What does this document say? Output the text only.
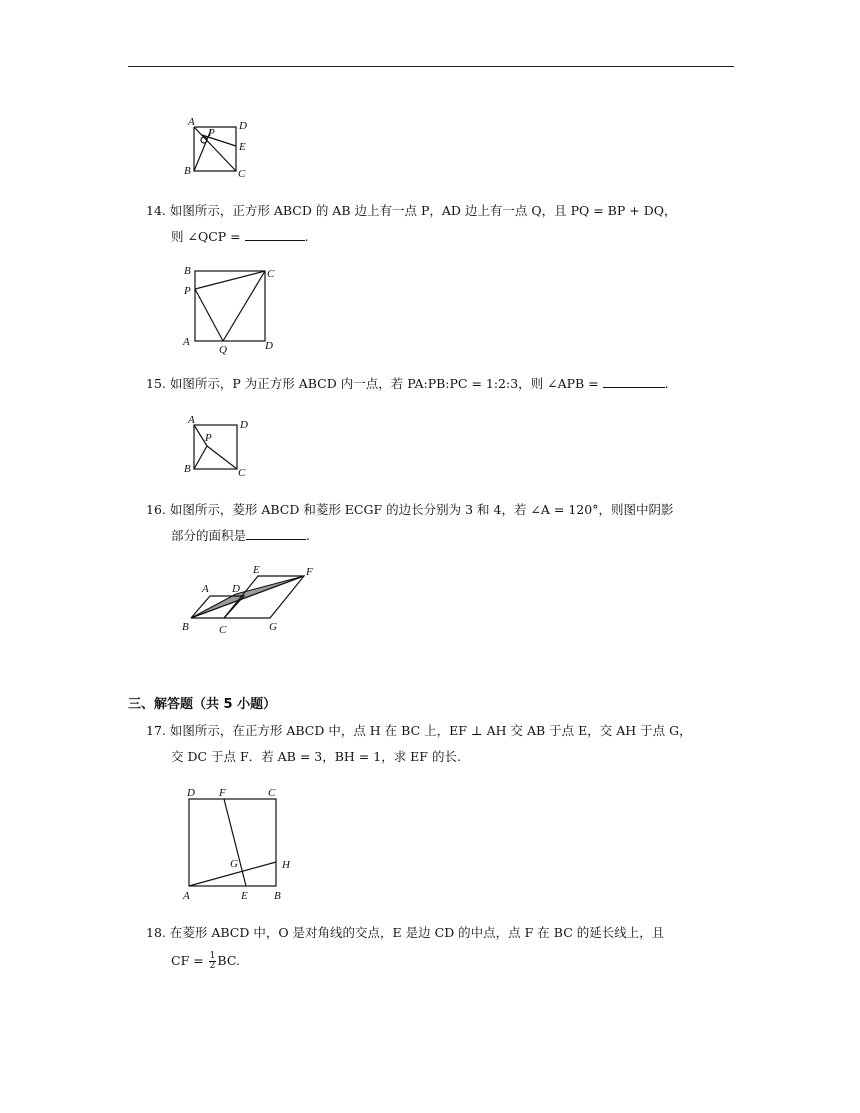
A	D
P
E
B	C
14. 如图所示，正方形 ABCD 的 AB 边上有一点 P，AD 边上有一点 Q，且 PQ = BP + DQ，
则 ∠QCP =	.
B	C
P
A
Q	D
15. 如图所示，P 为正方形 ABCD 内一点，若 PA:PB:PC = 1:2:3，则 ∠APB =	.
A	D
P
B	C
16. 如图所示，菱形 ABCD 和菱形 ECGF 的边长分别为 3 和 4，若 ∠A = 120°，则图中阴影
部分的面积是	.
A D
E	F
B	C	G
三、解答题（共 5 小题）
17. 如图所示，在正方形 ABCD 中，点 H 在 BC 上，EF ⊥ AH 交 AB 于点 E，交 AH 于点 G，
交 DC 于点 F．若 AB = 3，BH = 1，求 EF 的长.
D F	C
G	H
A	E B
18. 在菱形 ABCD 中，O 是对角线的交点，E 是边 CD 的中点，点 F 在 BC 的延长线上，且
CF = $\frac{1}{2}$ BC.
